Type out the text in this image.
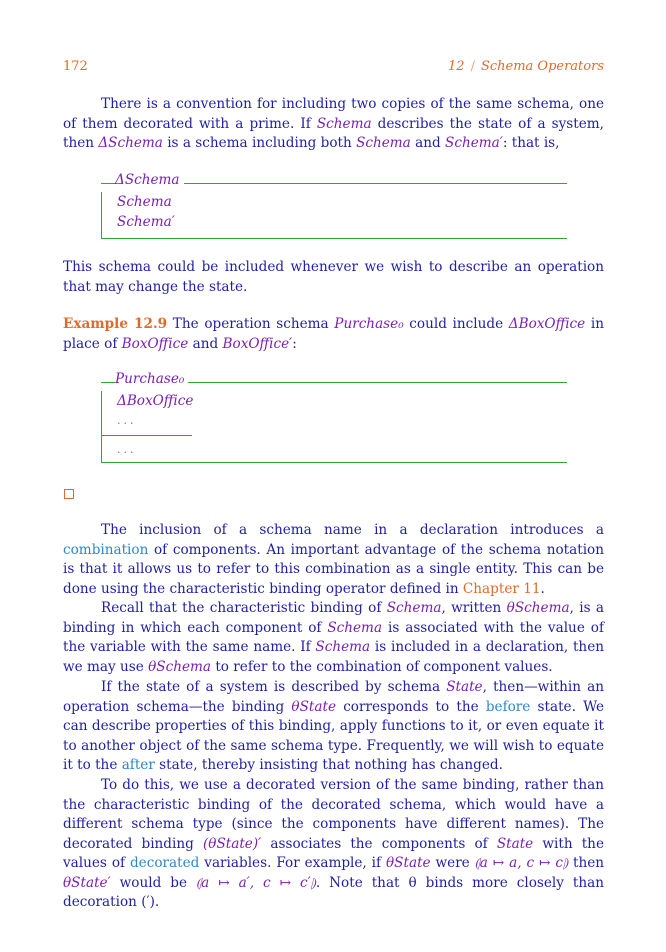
172	12 / Schema Operators

There is a convention for including two copies of the same schema, one of them decorated with a prime. If Schema describes the state of a system, then ΔSchema is a schema including both Schema and Schema′: that is,

ΔSchema
Schema
Schema′

This schema could be included whenever we wish to describe an operation that may change the state.

Example 12.9 The operation schema Purchase₀ could include ΔBoxOffice in place of BoxOffice and BoxOffice′:

Purchase₀
ΔBoxOffice
...
...

The inclusion of a schema name in a declaration introduces a combination of components. An important advantage of the schema notation is that it allows us to refer to this combination as a single entity. This can be done using the characteristic binding operator defined in Chapter 11.

Recall that the characteristic binding of Schema, written θSchema, is a binding in which each component of Schema is associated with the value of the variable with the same name. If Schema is included in a declaration, then we may use θSchema to refer to the combination of component values.

If the state of a system is described by schema State, then—within an operation schema—the binding θState corresponds to the before state. We can describe properties of this binding, apply functions to it, or even equate it to another object of the same schema type. Frequently, we will wish to equate it to the after state, thereby insisting that nothing has changed.

To do this, we use a decorated version of the same binding, rather than the characteristic binding of the decorated schema, which would have a different schema type (since the components have different names). The decorated binding (θState)′ associates the components of State with the values of decorated variables. For example, if θState were ⦇a ↦ a, c ↦ c⦈ then θState′ would be ⦇a ↦ a′, c ↦ c′⦈. Note that θ binds more closely than decoration (′).
